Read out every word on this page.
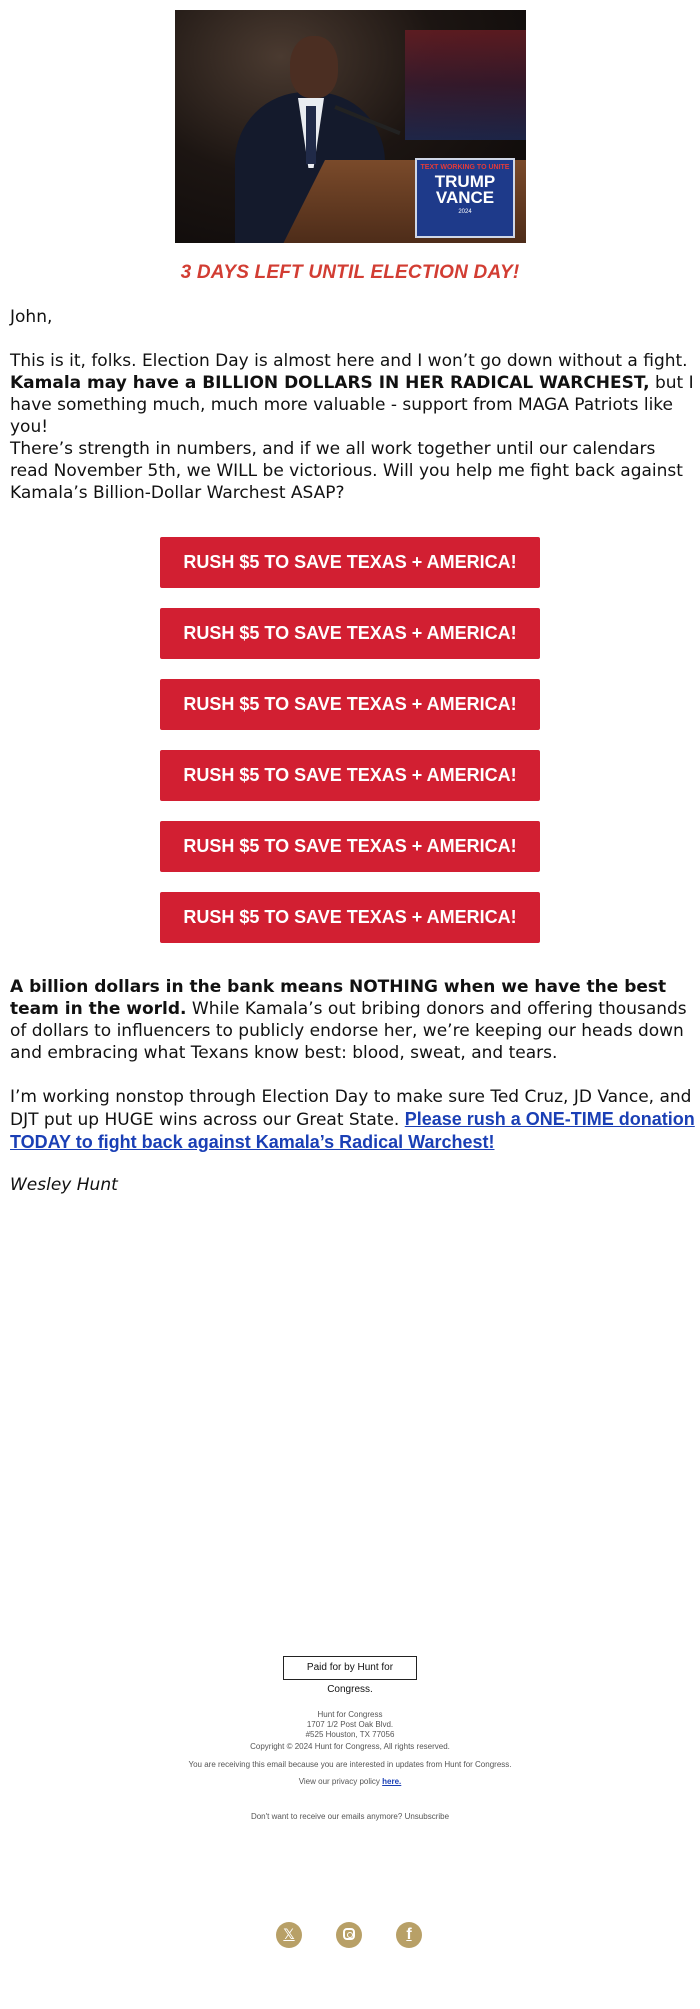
TEXT WORKING TO UNITE
TRUMP VANCE
2024
3 DAYS LEFT UNTIL ELECTION DAY!

John,

This is it, folks. Election Day is almost here and I won’t go down without a fight. Kamala may have a BILLION DOLLARS IN HER RADICAL WARCHEST, but I have something much, much more valuable - support from MAGA Patriots like you!

There’s strength in numbers, and if we all work together until our calendars read November 5th, we WILL be victorious. Will you help me fight back against Kamala’s Billion-Dollar Warchest ASAP?

RUSH $5 TO SAVE TEXAS + AMERICA!
RUSH $5 TO SAVE TEXAS + AMERICA!
RUSH $5 TO SAVE TEXAS + AMERICA!
RUSH $5 TO SAVE TEXAS + AMERICA!
RUSH $5 TO SAVE TEXAS + AMERICA!
RUSH $5 TO SAVE TEXAS + AMERICA!

A billion dollars in the bank means NOTHING when we have the best team in the world. While Kamala’s out bribing donors and offering thousands of dollars to influencers to publicly endorse her, we’re keeping our heads down and embracing what Texans know best: blood, sweat, and tears.

I’m working nonstop through Election Day to make sure Ted Cruz, JD Vance, and DJT put up HUGE wins across our Great State. Please rush a ONE-TIME donation TODAY to fight back against Kamala’s Radical Warchest!

Wesley Hunt

Paid for by Hunt for Congress.
Hunt for Congress
1707 1/2 Post Oak Blvd.
#525 Houston, TX 77056
Copyright © 2024 Hunt for Congress, All rights reserved.
You are receiving this email because you are interested in updates from Hunt for Congress.
View our privacy policy here.
Don't want to receive our emails anymore? Unsubscribe
𝕏	f
